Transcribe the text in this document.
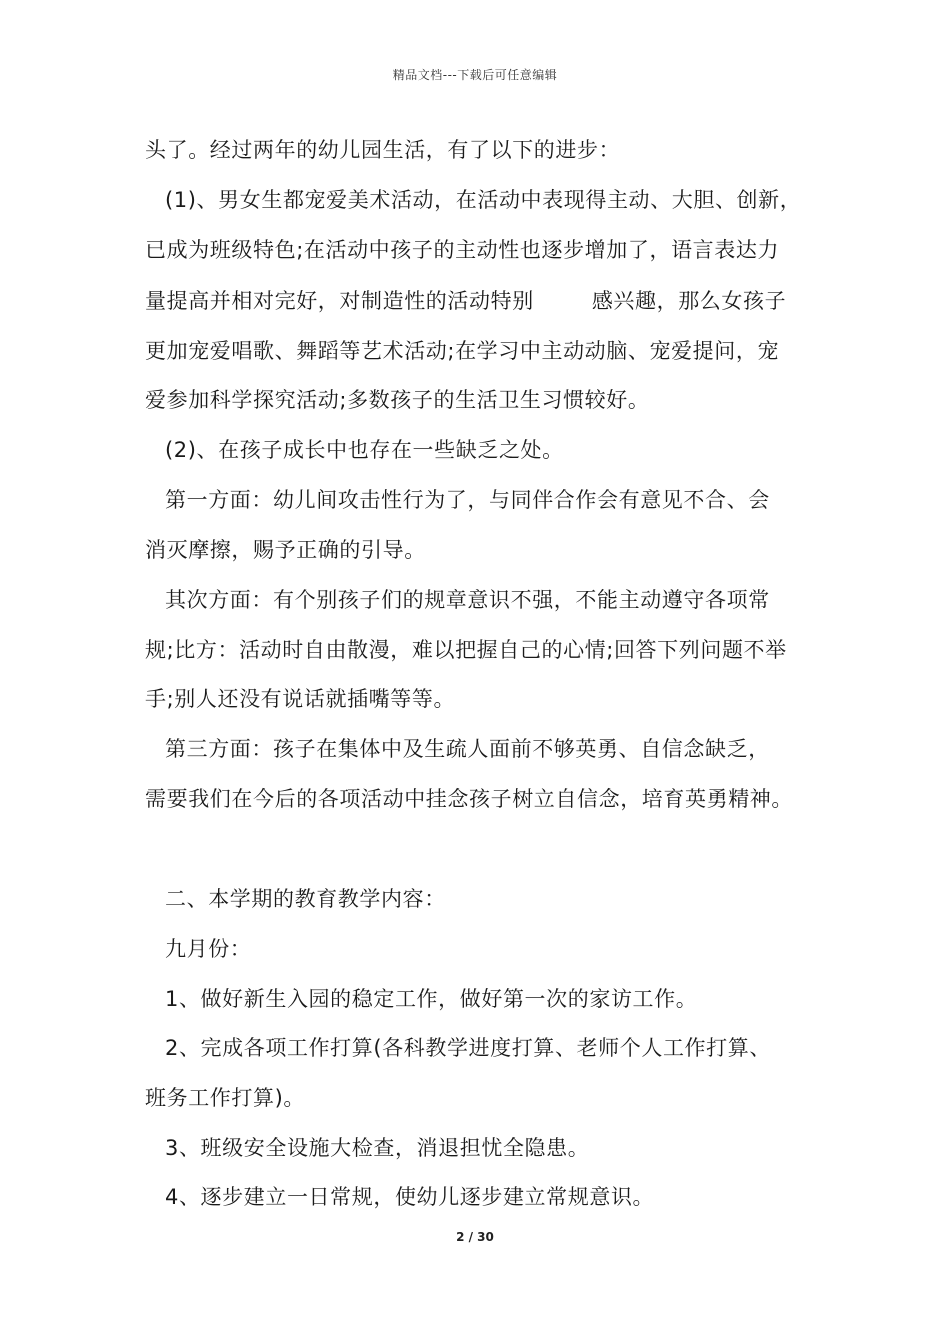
精品文档---下载后可任意编辑
头了。经过两年的幼儿园生活，有了以下的进步：
(1)、男女生都宠爱美术活动，在活动中表现得主动、大胆、创新，
已成为班级特色;在活动中孩子的主动性也逐步增加了，语言表达力
量提高并相对完好，对制造性的活动特别	感兴趣，那么女孩子
更加宠爱唱歌、舞蹈等艺术活动;在学习中主动动脑、宠爱提问，宠
爱参加科学探究活动;多数孩子的生活卫生习惯较好。
(2)、在孩子成长中也存在一些缺乏之处。
第一方面：幼儿间攻击性行为了，与同伴合作会有意见不合、会
消灭摩擦，赐予正确的引导。
其次方面：有个别孩子们的规章意识不强，不能主动遵守各项常
规;比方：活动时自由散漫，难以把握自己的心情;回答下列问题不举
手;别人还没有说话就插嘴等等。
第三方面：孩子在集体中及生疏人面前不够英勇、自信念缺乏，
需要我们在今后的各项活动中挂念孩子树立自信念，培育英勇精神。
二、本学期的教育教学内容：
九月份：
1、做好新生入园的稳定工作，做好第一次的家访工作。
2、完成各项工作打算(各科教学进度打算、老师个人工作打算、
班务工作打算)。
3、班级安全设施大检查，消退担忧全隐患。
4、逐步建立一日常规，使幼儿逐步建立常规意识。
2 / 30
